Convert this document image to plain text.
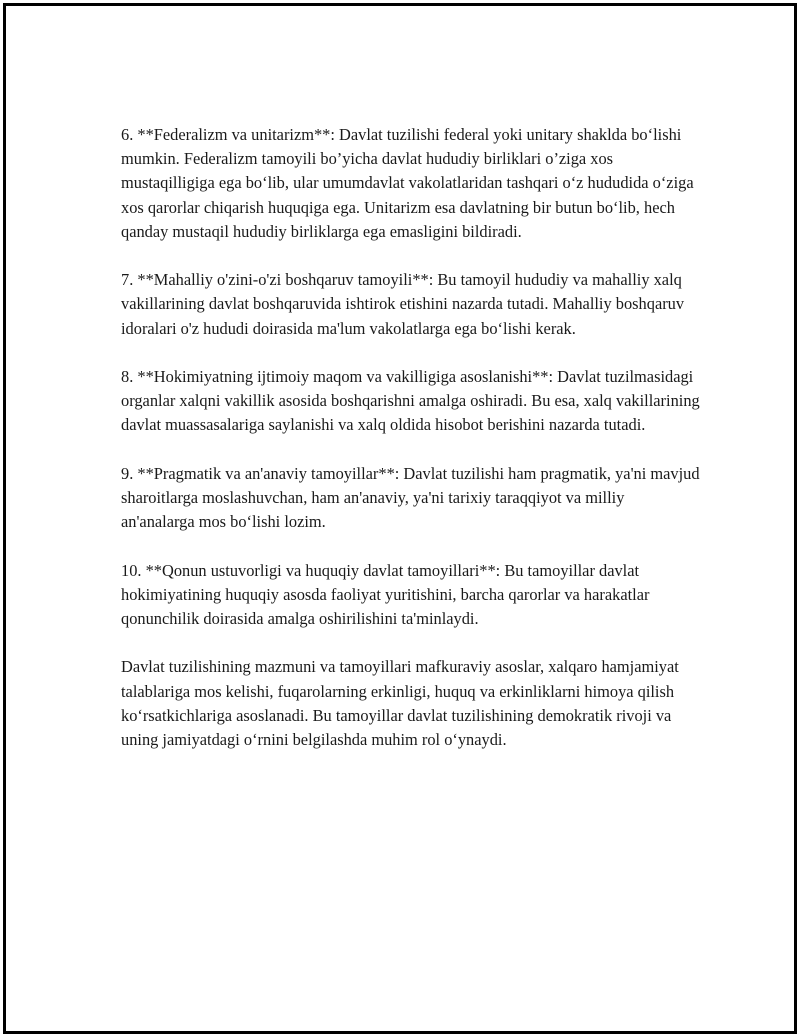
6. **Federalizm va unitarizm**: Davlat tuzilishi federal yoki unitary shaklda bo‘lishi mumkin. Federalizm tamoyili bo’yicha davlat hududiy birliklari o’ziga xos mustaqilligiga ega bo‘lib, ular umumdavlat vakolatlaridan tashqari o‘z hududida o‘ziga xos qarorlar chiqarish huquqiga ega. Unitarizm esa davlatning bir butun bo‘lib, hech qanday mustaqil hududiy birliklarga ega emasligini bildiradi.

7. **Mahalliy o'zini-o'zi boshqaruv tamoyili**: Bu tamoyil hududiy va mahalliy xalq vakillarining davlat boshqaruvida ishtirok etishini nazarda tutadi. Mahalliy boshqaruv idoralari o'z hududi doirasida ma'lum vakolatlarga ega bo‘lishi kerak.

8. **Hokimiyatning ijtimoiy maqom va vakilligiga asoslanishi**: Davlat tuzilmasidagi organlar xalqni vakillik asosida boshqarishni amalga oshiradi. Bu esa, xalq vakillarining davlat muassasalariga saylanishi va xalq oldida hisobot berishini nazarda tutadi.

9. **Pragmatik va an'anaviy tamoyillar**: Davlat tuzilishi ham pragmatik, ya'ni mavjud sharoitlarga moslashuvchan, ham an'anaviy, ya'ni tarixiy taraqqiyot va milliy an'analarga mos bo‘lishi lozim.

10. **Qonun ustuvorligi va huquqiy davlat tamoyillari**: Bu tamoyillar davlat hokimiyatining huquqiy asosda faoliyat yuritishini, barcha qarorlar va harakatlar qonunchilik doirasida amalga oshirilishini ta'minlaydi.

Davlat tuzilishining mazmuni va tamoyillari mafkuraviy asoslar, xalqaro hamjamiyat talablariga mos kelishi, fuqarolarning erkinligi, huquq va erkinliklarni himoya qilish ko‘rsatkichlariga asoslanadi. Bu tamoyillar davlat tuzilishining demokratik rivoji va uning jamiyatdagi o‘rnini belgilashda muhim rol o‘ynaydi.
